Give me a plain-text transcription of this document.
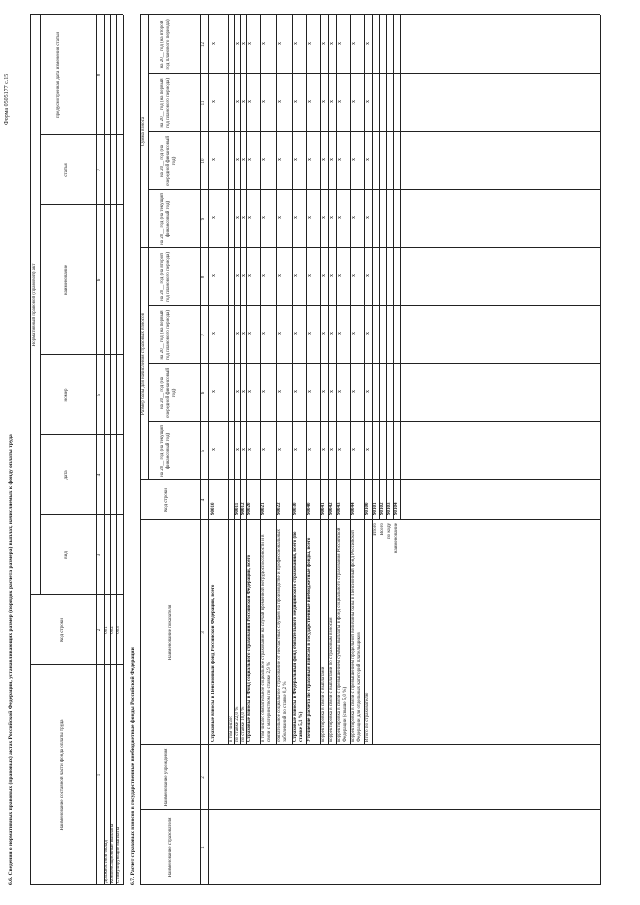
Форма 0505177 с.15
6.6. Сведения о нормативных правовых (правовых) актах Российской Федерации, устанавливающих размер (порядок расчета размера) выплат, начисляемых к фонду оплаты труда	Наименование составной части фонда оплаты труда
Код строки
Нормативный правовой (правовой) акт
вид
дата
номер
наименование
статья
предусмотренная дата изменения статьи
1
2
3
4
5
6
7
8
Должностной оклад
001
Компенсационные выплаты
002
Стимулирующие выплаты
003
6.7. Расчет страховых взносов в государственные внебюджетные фонды Российской Федерации	Наименование страхователя
Наименование учреждения
Наименование показателя
Код строки
Размер базы для начисления страховых взносов
Сумма взноса
на 20__ год (на текущий финансовый год)
на 20__ год (на очередной финансовый год)
на 20__ год (на первый год планового периода)
на 20__ год (на второй год планового периода)
на 20__ год (на текущий финансовый год)
на 20__ год (на очередной финансовый год)
на 20__ год (на первый год планового периода)
на 20__ год (на второй год планового периода)
1
2
3
4
5
6
7
8
9
10
11
12
Страховые взносы в Пенсионный фонд Российской Федерации, всего
90010
x
x
x
x
x
x
x
x
в том числе: по ставке 22,0 %
90011
x
x
x
x
x
x
x
x
по ставке 10,0 %
90012
x
x
x
x
x
x
x
x
Страховые взносы в Фонд социального страхования Российской Федерации, всего
90020
x
x
x
x
x
x
x
x
в том числе: обязательное социальное страхование на случай временной нетрудоспособности и в связи с материнством по ставке 2,9 %
90021
x
x
x
x
x
x
x
x
обязательное социальное страхование от несчастных случаев на производстве и профессиональных заболеваний по ставке 0,2 %
90022
x
x
x
x
x
x
x
x
Страховые взносы в Федеральный фонд обязательного медицинского страхования, всего (по ставке 5,1 %)
90030
x
x
x
x
x
x
x
x
Уточнение расчета по страховым взносам в государственные внебюджетные фонды, всего
90040
x
x
x
x
x
x
x
x
корректировка в связи с выплатами
90041
x
x
x
x
x
x
x
x
корректировка в связи с выплатами по страховым взносам
90042
x
x
x
x
x
x
x
x
корректировка в связи с превышением суммы выплаты в фонд социального страхования Российской Федерации (свыше 5,0 %)
90043
x
x
x
x
x
x
x
x
корректировка в связи с превышением предельной величины базы в Пенсионный фонд Российской Федерации для отдельных категорий плательщиков
90044
x
x
x
x
x
x
x
x
Итого по страхователю
90100
x
x
x
x
x
x
x
x
Итого
90101
Всего
90102
по коду
90103
наименование
90104
